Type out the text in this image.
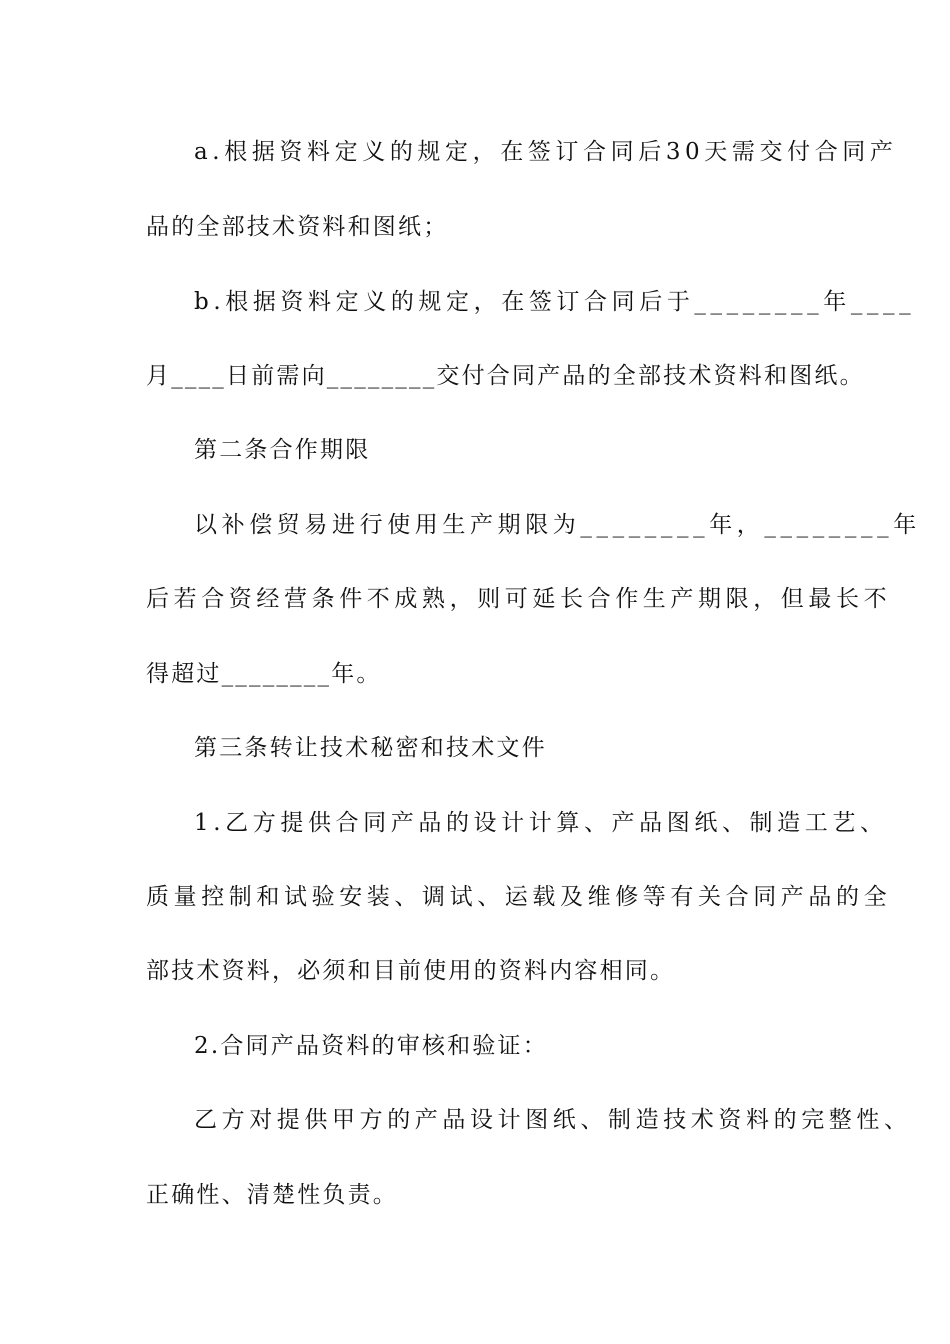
a.根据资料定义的规定，在签订合同后30天需交付合同产
品的全部技术资料和图纸；
b.根据资料定义的规定，在签订合同后于________年____
月____日前需向________交付合同产品的全部技术资料和图纸。
第二条合作期限
以补偿贸易进行使用生产期限为________年，________年
后若合资经营条件不成熟，则可延长合作生产期限，但最长不
得超过________年。
第三条转让技术秘密和技术文件
1.乙方提供合同产品的设计计算、产品图纸、制造工艺、
质量控制和试验安装、调试、运载及维修等有关合同产品的全
部技术资料，必须和目前使用的资料内容相同。
2.合同产品资料的审核和验证：
乙方对提供甲方的产品设计图纸、制造技术资料的完整性、
正确性、清楚性负责。
